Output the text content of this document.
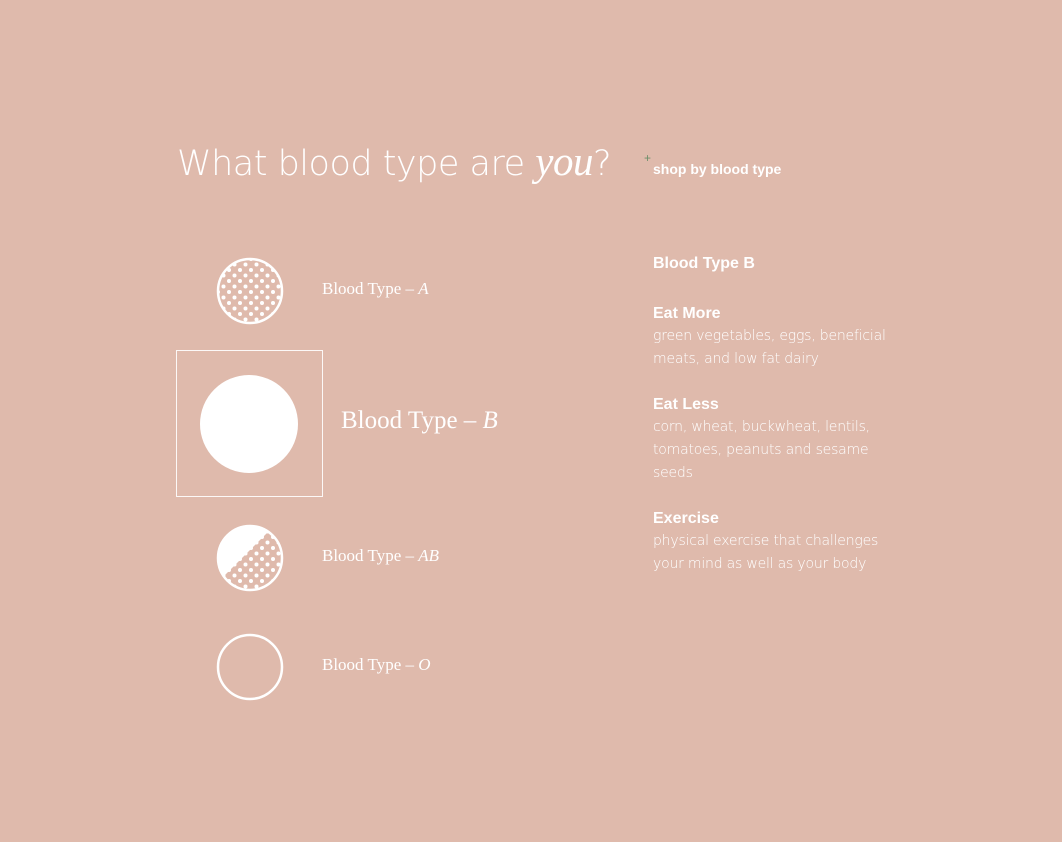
What blood type are you?	+
shop by blood type
Blood Type – A
Blood Type – B
Blood Type – AB
Blood Type – O
Blood Type B
Eat More
green vegetables, eggs, beneficial meats, and low fat dairy
Eat Less
corn, wheat, buckwheat, lentils, tomatoes, peanuts and sesame seeds
Exercise
physical exercise that challenges your mind as well as your body
